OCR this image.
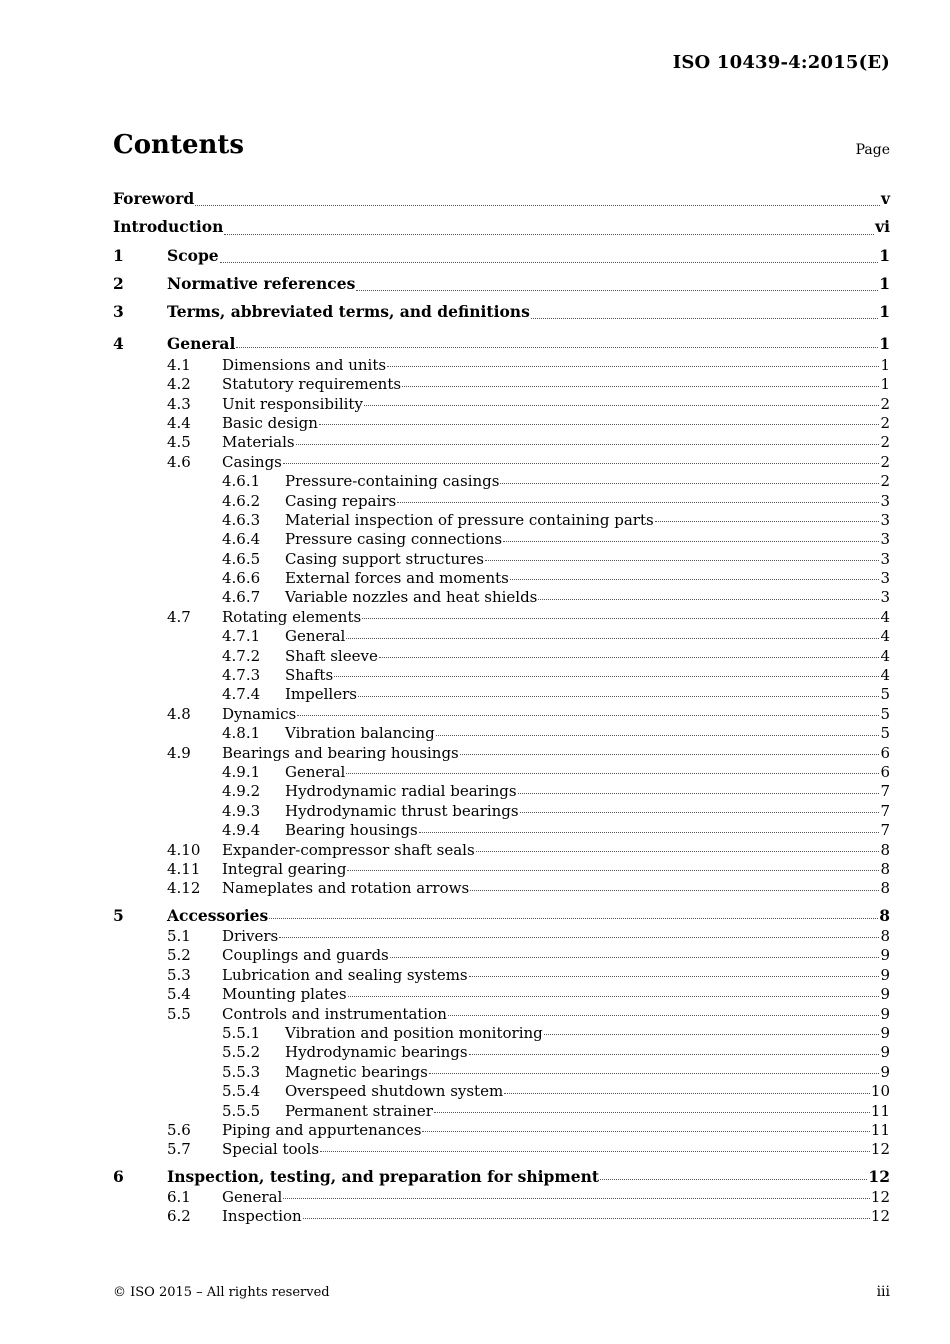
ISO 10439-4:2015(E)
Contents	Page
Foreword	v
Introduction	vi
1	Scope	1
2	Normative references	1
3	Terms, abbreviated terms, and definitions	1
4	General	1
4.1	Dimensions and units	1
4.2	Statutory requirements	1
4.3	Unit responsibility	2
4.4	Basic design	2
4.5	Materials	2
4.6	Casings	2
4.6.1	Pressure-containing casings	2
4.6.2	Casing repairs	3
4.6.3	Material inspection of pressure containing parts	3
4.6.4	Pressure casing connections	3
4.6.5	Casing support structures	3
4.6.6	External forces and moments	3
4.6.7	Variable nozzles and heat shields	3
4.7	Rotating elements	4
4.7.1	General	4
4.7.2	Shaft sleeve	4
4.7.3	Shafts	4
4.7.4	Impellers	5
4.8	Dynamics	5
4.8.1	Vibration balancing	5
4.9	Bearings and bearing housings	6
4.9.1	General	6
4.9.2	Hydrodynamic radial bearings	7
4.9.3	Hydrodynamic thrust bearings	7
4.9.4	Bearing housings	7
4.10	Expander-compressor shaft seals	8
4.11	Integral gearing	8
4.12	Nameplates and rotation arrows	8
5	Accessories	8
5.1	Drivers	8
5.2	Couplings and guards	9
5.3	Lubrication and sealing systems	9
5.4	Mounting plates	9
5.5	Controls and instrumentation	9
5.5.1	Vibration and position monitoring	9
5.5.2	Hydrodynamic bearings	9
5.5.3	Magnetic bearings	9
5.5.4	Overspeed shutdown system	10
5.5.5	Permanent strainer	11
5.6	Piping and appurtenances	11
5.7	Special tools	12
6	Inspection, testing, and preparation for shipment	12
6.1	General	12
6.2	Inspection	12
© ISO 2015 – All rights reserved	iii
